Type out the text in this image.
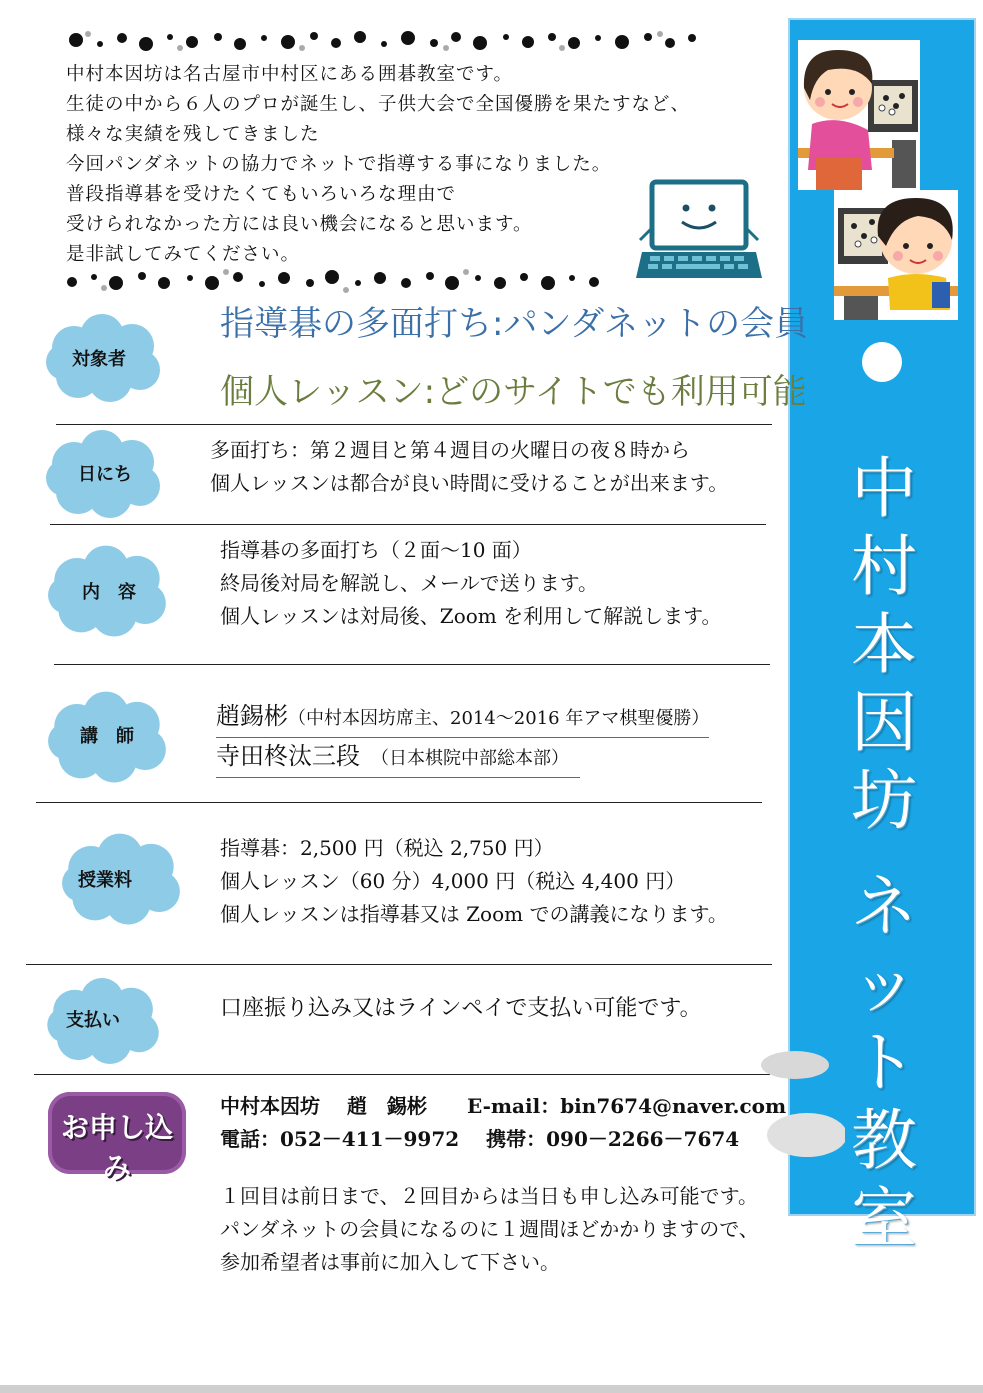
中村本因坊は名古屋市中村区にある囲碁教室です。
生徒の中から６人のプロが誕生し、子供大会で全国優勝を果たすなど、
様々な実績を残してきました
今回パンダネットの協力でネットで指導する事になりました。
普段指導碁を受けたくてもいろいろな理由で
受けられなかった方には良い機会になると思います。
是非試してみてください。
中
村
本
因
坊
ネ
ッ
ト
教
室
対象者
指導碁の多面打ち:パンダネットの会員
個人レッスン:どのサイトでも利用可能
日にち
多面打ち：第２週目と第４週目の火曜日の夜８時から
個人レッスンは都合が良い時間に受けることが出来ます。
内　容
指導碁の多面打ち（２面～10 面）
終局後対局を解説し、メールで送ります。
個人レッスンは対局後、Zoom を利用して解説します。
講　師
趙錫彬（中村本因坊席主、2014～2016 年アマ棋聖優勝）
寺田柊汰三段　 （日本棋院中部総本部）　
授業料
指導碁：2,500 円（税込 2,750 円）
個人レッスン（60 分）4,000 円（税込 4,400 円）
個人レッスンは指導碁又は Zoom での講義になります。
支払い	口座振り込み又はラインペイで支払い可能です。
お申し込み
中村本因坊　 趙　錫彬　　E-mail：bin7674@naver.com
電話：052－411－9972　 携帯：090－2266－7674
１回目は前日まで、２回目からは当日も申し込み可能です。
パンダネットの会員になるのに１週間ほどかかりますので、
参加希望者は事前に加入して下さい。
